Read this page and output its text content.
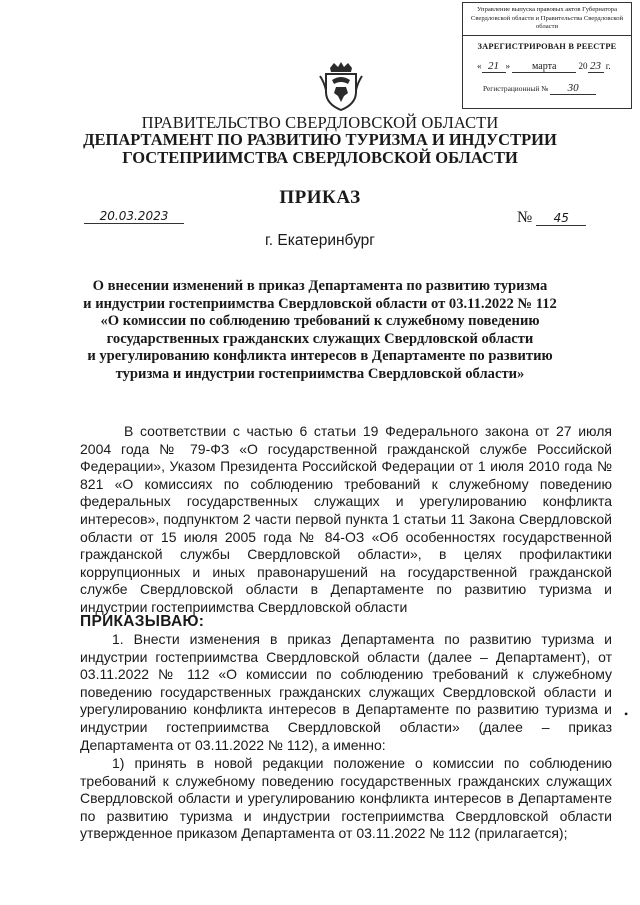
Управление выпуска правовых актов Губернатора Свердловской области и Правительства Свердловской области
ЗАРЕГИСТРИРОВАН В РЕЕСТРЕ
« 21 » марта 20 23 г.
Регистрационный № 30
ПРАВИТЕЛЬСТВО СВЕРДЛОВСКОЙ ОБЛАСТИ
ДЕПАРТАМЕНТ ПО РАЗВИТИЮ ТУРИЗМА И ИНДУСТРИИ
ГОСТЕПРИИМСТВА СВЕРДЛОВСКОЙ ОБЛАСТИ
ПРИКАЗ
20.03.2023	№ 45
г. Екатеринбург
О внесении изменений в приказ Департамента по развитию туризма
и индустрии гостеприимства Свердловской области от 03.11.2022 № 112
«О комиссии по соблюдению требований к служебному поведению
государственных гражданских служащих Свердловской области
и урегулированию конфликта интересов в Департаменте по развитию
туризма и индустрии гостеприимства Свердловской области»
В соответствии с частью 6 статьи 19 Федерального закона от 27 июля 2004 года № 79-ФЗ «О государственной гражданской службе Российской Федерации», Указом Президента Российской Федерации от 1 июля 2010 года № 821 «О комиссиях по соблюдению требований к служебному поведению федеральных государственных служащих и урегулированию конфликта интересов», подпунктом 2 части первой пункта 1 статьи 11 Закона Свердловской области от 15 июля 2005 года № 84-ОЗ «Об особенностях государственной гражданской службы Свердловской области», в целях профилактики коррупционных и иных правонарушений на государственной гражданской службе Свердловской области в Департаменте по развитию туризма и индустрии гостеприимства Свердловской области
ПРИКАЗЫВАЮ:
1. Внести изменения в приказ Департамента по развитию туризма и индустрии гостеприимства Свердловской области (далее – Департамент), от 03.11.2022 № 112 «О комиссии по соблюдению требований к служебному поведению государственных гражданских служащих Свердловской области и урегулированию конфликта интересов в Департаменте по развитию туризма и индустрии гостеприимства Свердловской области» (далее – приказ Департамента от 03.11.2022 № 112), а именно:
•
1) принять в новой редакции положение о комиссии по соблюдению требований к служебному поведению государственных гражданских служащих Свердловской области и урегулированию конфликта интересов в Департаменте по развитию туризма и индустрии гостеприимства Свердловской области утвержденное приказом Департамента от 03.11.2022 № 112 (прилагается);
